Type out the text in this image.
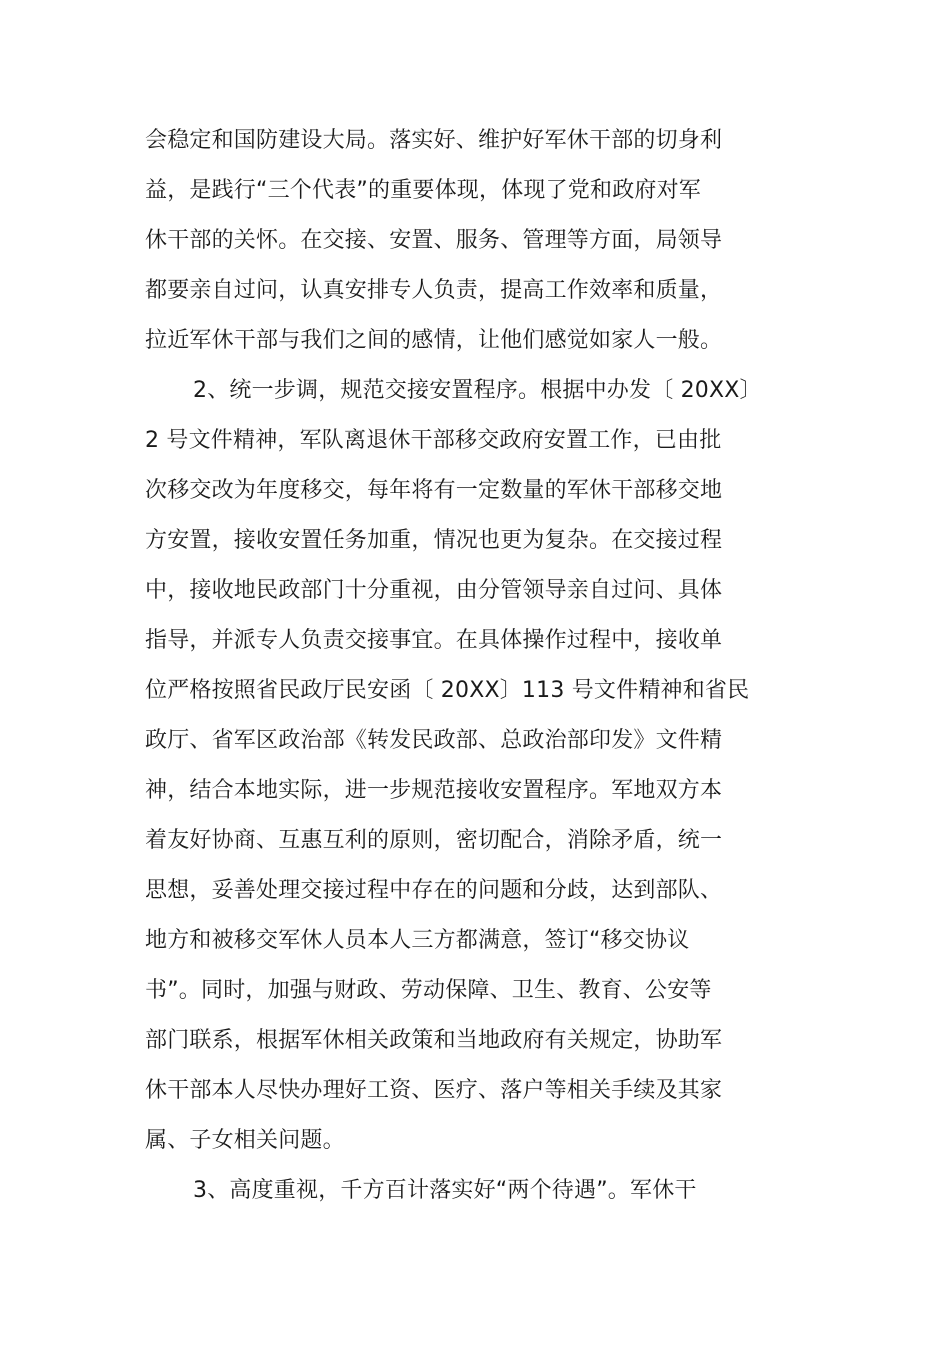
会稳定和国防建设大局。落实好、维护好军休干部的切身利
益，是践行“三个代表”的重要体现，体现了党和政府对军
休干部的关怀。在交接、安置、服务、管理等方面，局领导
都要亲自过问，认真安排专人负责，提高工作效率和质量，
拉近军休干部与我们之间的感情，让他们感觉如家人一般。
2、统一步调，规范交接安置程序。根据中办发〔 20XX〕
2 号文件精神，军队离退休干部移交政府安置工作，已由批
次移交改为年度移交，每年将有一定数量的军休干部移交地
方安置，接收安置任务加重，情况也更为复杂。在交接过程
中，接收地民政部门十分重视，由分管领导亲自过问、具体
指导，并派专人负责交接事宜。在具体操作过程中，接收单
位严格按照省民政厅民安函〔 20XX〕113 号文件精神和省民
政厅、省军区政治部《转发民政部、总政治部印发》文件精
神，结合本地实际，进一步规范接收安置程序。军地双方本
着友好协商、互惠互利的原则，密切配合，消除矛盾，统一
思想，妥善处理交接过程中存在的问题和分歧，达到部队、
地方和被移交军休人员本人三方都满意，签订“移交协议
书”。同时，加强与财政、劳动保障、卫生、教育、公安等
部门联系，根据军休相关政策和当地政府有关规定，协助军
休干部本人尽快办理好工资、医疗、落户等相关手续及其家
属、子女相关问题。
3、高度重视，千方百计落实好“两个待遇”。军休干
